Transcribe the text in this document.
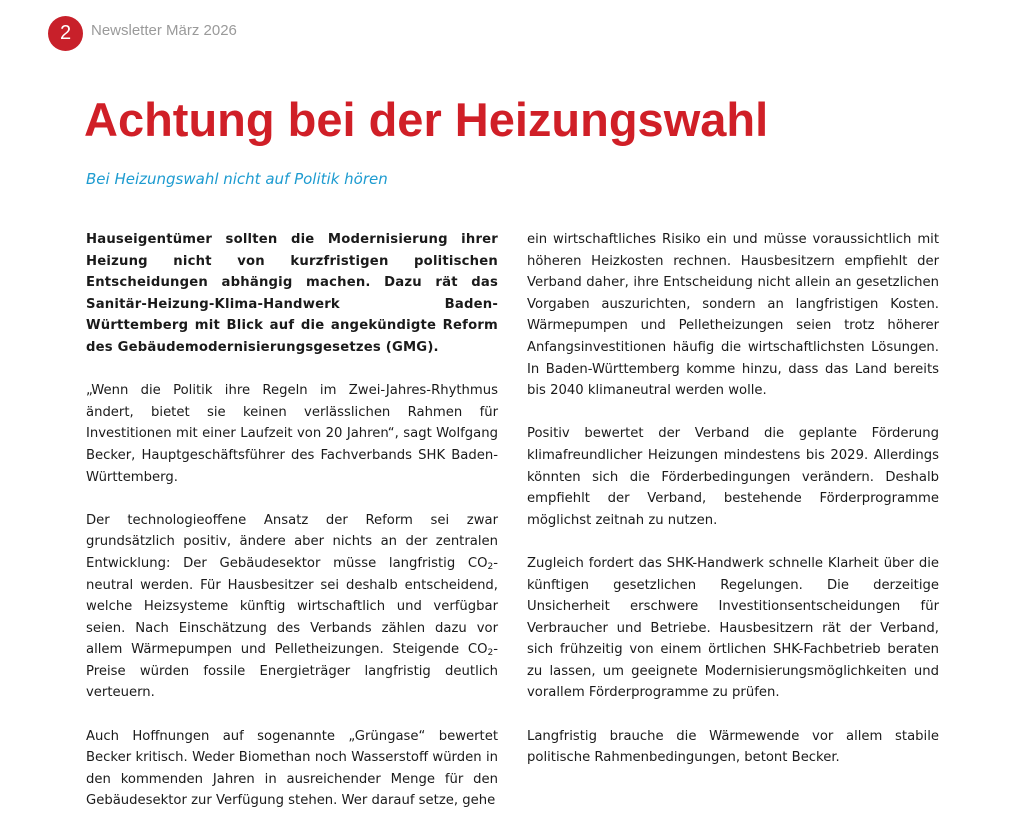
2	Newsletter März 2026
Achtung bei der Heizungswahl
Bei Heizungswahl nicht auf Politik hören

Hauseigentümer sollten die Modernisierung ihrer Heizung nicht von kurzfristigen politischen Entscheidungen abhängig machen. Dazu rät das Sanitär-Heizung-Klima-Handwerk Baden-Württemberg mit Blick auf die angekündigte Reform des Gebäudemodernisierungsgesetzes (GMG).

„Wenn die Politik ihre Regeln im Zwei-Jahres-Rhythmus ändert, bietet sie keinen verlässlichen Rahmen für Investitionen mit einer Laufzeit von 20 Jahren“, sagt Wolfgang Becker, Hauptgeschäftsführer des Fachverbands SHK Baden-Württemberg.

Der technologieoffene Ansatz der Reform sei zwar grundsätzlich positiv, ändere aber nichts an der zentralen Entwicklung: Der Gebäudesektor müsse langfristig $CO_2$-neutral werden. Für Hausbesitzer sei deshalb entscheidend, welche Heizsysteme künftig wirtschaftlich und verfügbar seien. Nach Einschätzung des Verbands zählen dazu vor allem Wärmepumpen und Pelletheizungen. Steigende $CO_2$-Preise würden fossile Energieträger langfristig deutlich verteuern.

Auch Hoffnungen auf sogenannte „Grüngase“ bewertet Becker kritisch. Weder Biomethan noch Wasserstoff würden in den kommenden Jahren in ausreichender Menge für den Gebäudesektor zur Verfügung stehen. Wer darauf setze, gehe

ein wirtschaftliches Risiko ein und müsse voraussichtlich mit höheren Heizkosten rechnen. Hausbesitzern empfiehlt der Verband daher, ihre Entscheidung nicht allein an gesetzlichen Vorgaben auszurichten, sondern an langfristigen Kosten. Wärmepumpen und Pelletheizungen seien trotz höherer Anfangsinvestitionen häufig die wirtschaftlichsten Lösungen. In Baden-Württemberg komme hinzu, dass das Land bereits bis 2040 klimaneutral werden wolle.

Positiv bewertet der Verband die geplante Förderung klimafreundlicher Heizungen mindestens bis 2029. Allerdings könnten sich die Förderbedingungen verändern. Deshalb empfiehlt der Verband, bestehende Förderprogramme möglichst zeitnah zu nutzen.

Zugleich fordert das SHK-Handwerk schnelle Klarheit über die künftigen gesetzlichen Regelungen. Die derzeitige Unsicherheit erschwere Investitionsentscheidungen für Verbraucher und Betriebe. Hausbesitzern rät der Verband, sich frühzeitig von einem örtlichen SHK-Fachbetrieb beraten zu lassen, um geeignete Modernisierungsmöglichkeiten und vorallem Förderprogramme zu prüfen.

Langfristig brauche die Wärmewende vor allem stabile politische Rahmenbedingungen, betont Becker.
